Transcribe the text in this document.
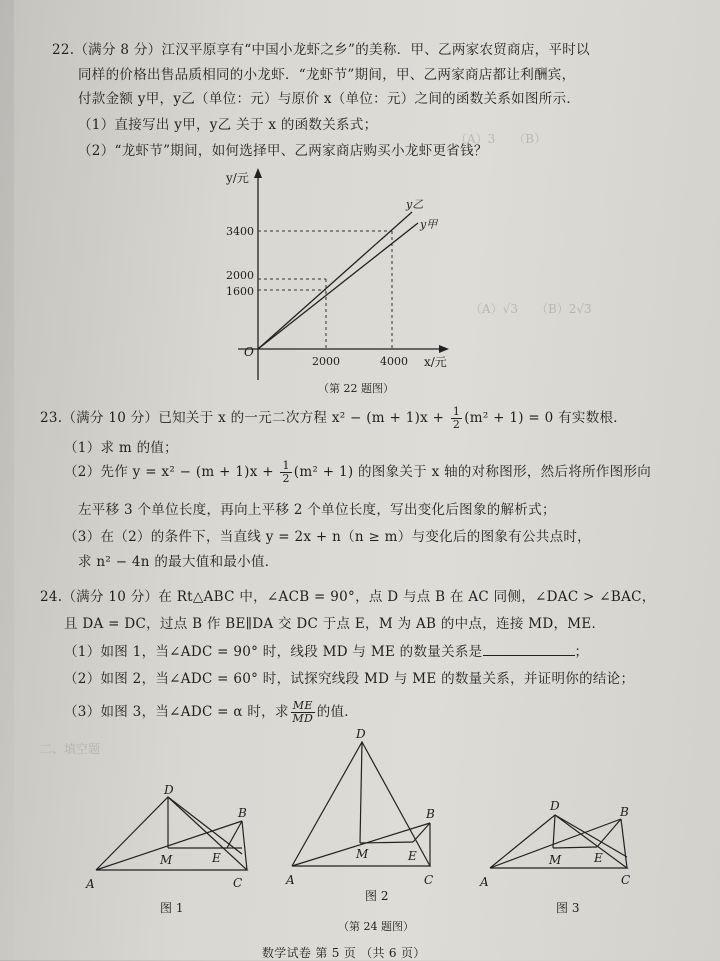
（A）3　　（B）
（A）√3　　（B）2√3
二、填空题
22.（满分 8 分）江汉平原享有“中国小龙虾之乡”的美称．甲、乙两家农贸商店，平时以
同样的价格出售品质相同的小龙虾．“龙虾节”期间，甲、乙两家商店都让利酬宾，
付款金额 y甲，y乙（单位：元）与原价 x（单位：元）之间的函数关系如图所示．
（1）直接写出 y甲，y乙 关于 x 的函数关系式；
（2）“龙虾节”期间，如何选择甲、乙两家商店购买小龙虾更省钱？
y/元
x/元
O
3400
2000
1600
2000	4000
y乙
y甲
（第 22 题图）
23.（满分 10 分）已知关于 x 的一元二次方程 $x^2 - (m + 1)x + \frac{1}{2} (m^2 + 1) = 0$ 有实数根．
（1）求 m 的值；
（2）先作 $y = x^2 - (m + 1)x + \frac{1}{2} (m^2 + 1)$ 的图象关于 x 轴的对称图形，然后将所作图形向
左平移 3 个单位长度，再向上平移 2 个单位长度，写出变化后图象的解析式；
（3）在（2）的条件下，当直线 y = 2x + n（n ≥ m）与变化后的图象有公共点时，
求 n² − 4n 的最大值和最小值．
24.（满分 10 分）在 Rt△ABC 中，∠ACB = 90°，点 D 与点 B 在 AC 同侧，∠DAC > ∠BAC，
且 DA = DC，过点 B 作 BE∥DA 交 DC 于点 E，M 为 AB 的中点，连接 MD，ME．
（1）如图 1，当∠ADC = 90° 时，线段 MD 与 ME 的数量关系是	；
（2）如图 2，当∠ADC = 60° 时，试探究线段 MD 与 ME 的数量关系，并证明你的结论；
（3）如图 3，当∠ADC = α 时，求 $\frac{ME}{MD}$ 的值．
D
B
M	E
A	C
图 1
D
B
M	E
A	C
图 2
D	B
M	E
A	C
图 3
（第 24 题图）
数学试卷 第 5 页 （共 6 页）
